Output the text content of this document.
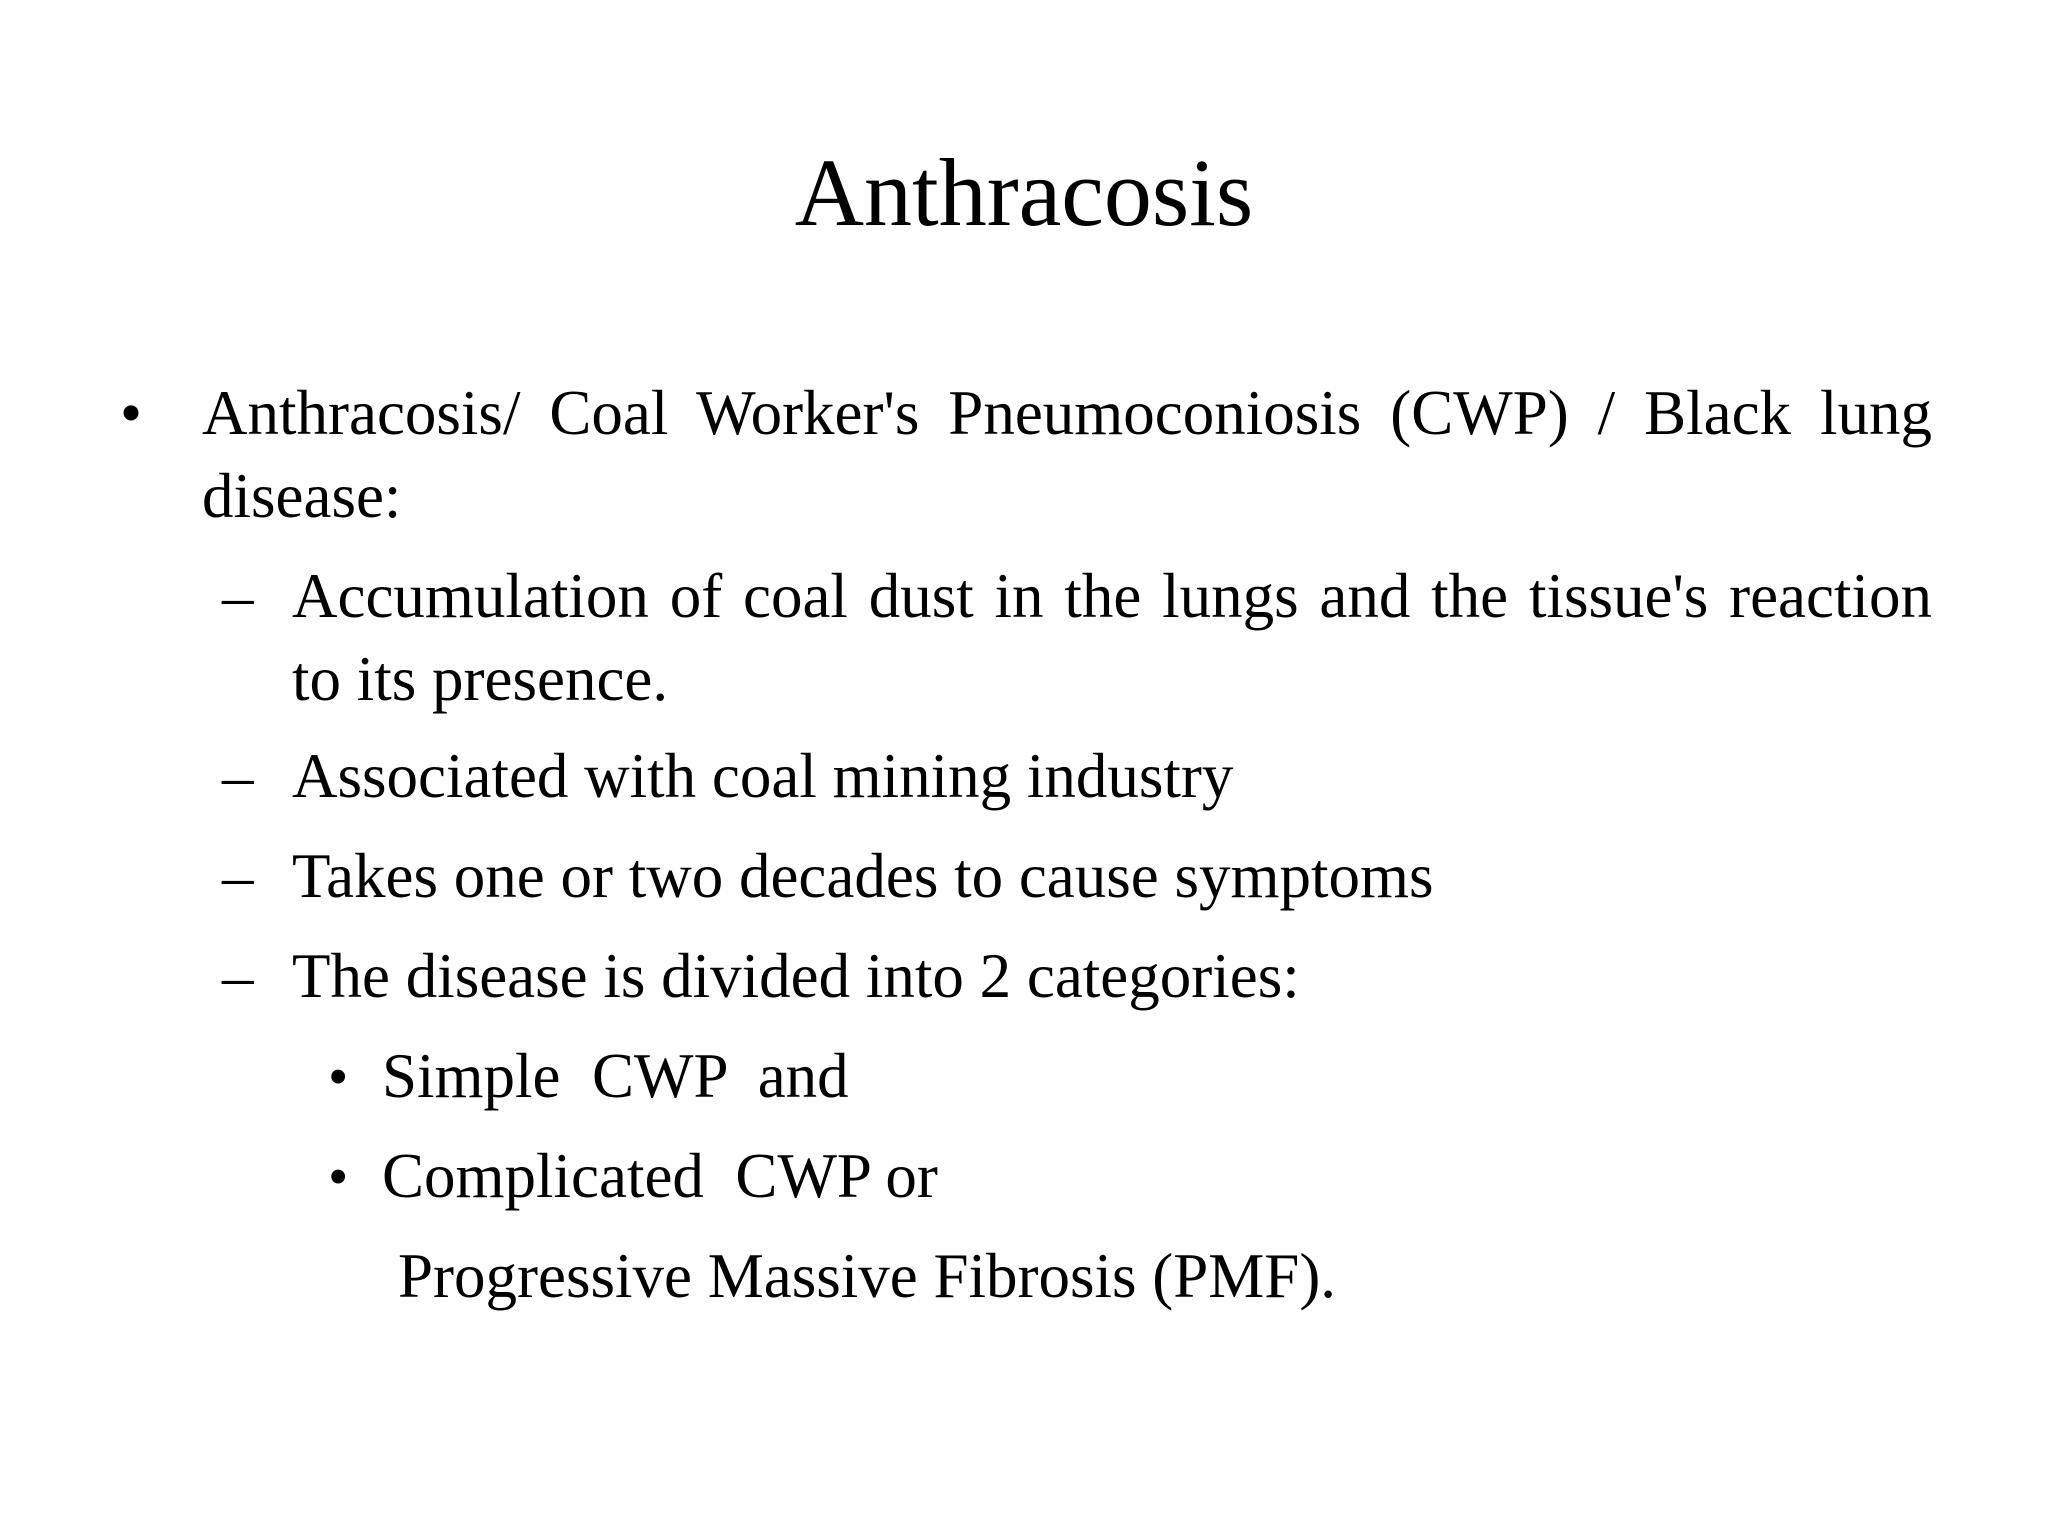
Anthracosis
• Anthracosis/ Coal Worker's Pneumoconiosis (CWP) / Black lung disease:
– Accumulation of coal dust in the lungs and the tissue's reaction to its presence.
– Associated with coal mining industry
– Takes one or two decades to cause symptoms
– The disease is divided into 2 categories:
• Simple  CWP  and
• Complicated  CWP or
Progressive Massive Fibrosis (PMF).
